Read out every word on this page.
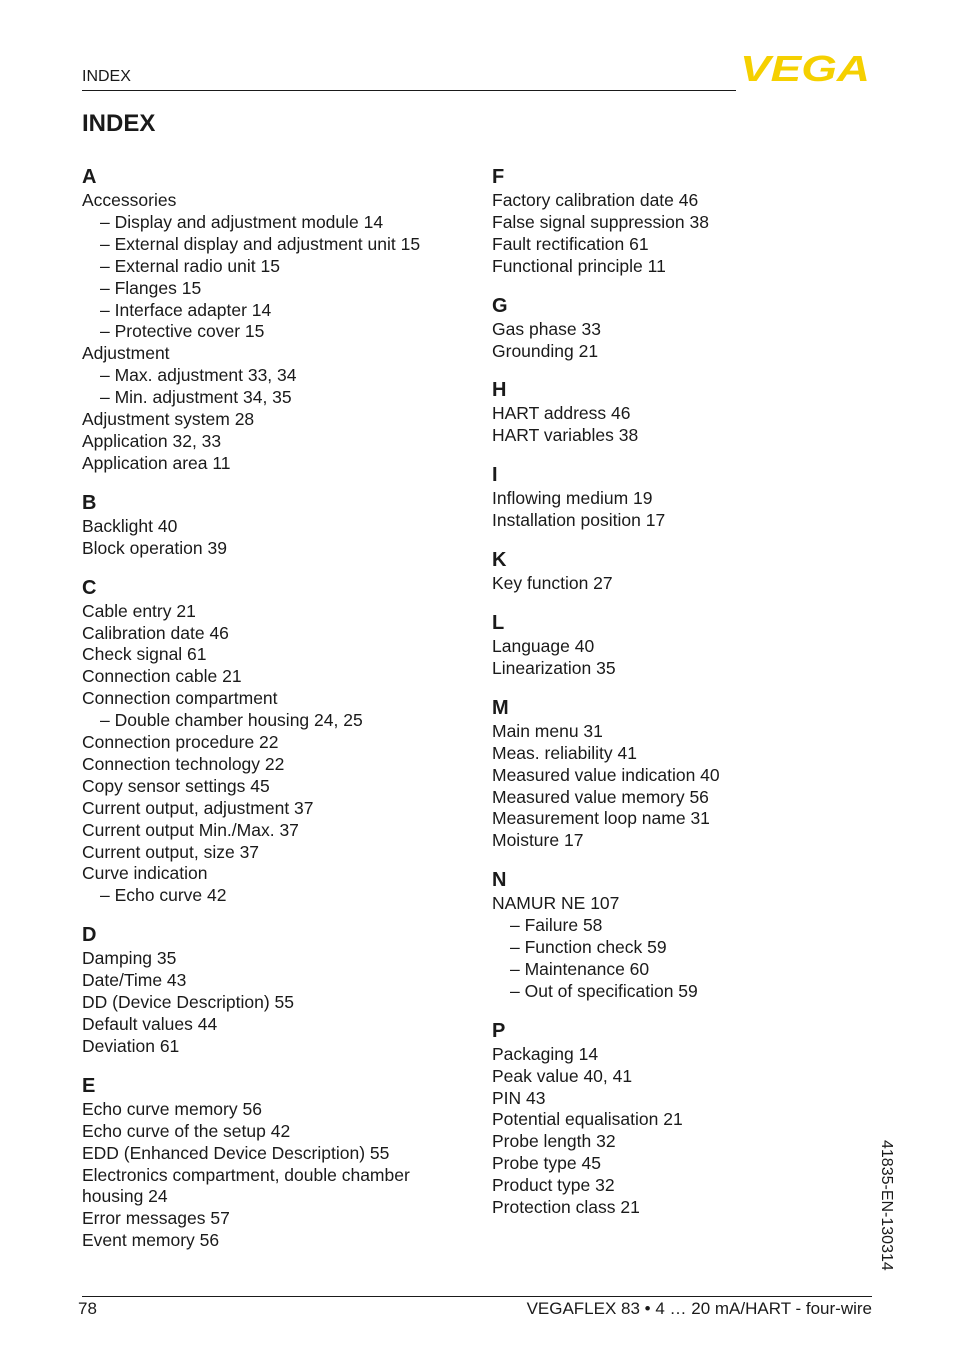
INDEX	VEGA
INDEX
A
Accessories
– Display and adjustment module 14
– External display and adjustment unit 15
– External radio unit 15
– Flanges 15
– Interface adapter 14
– Protective cover 15
Adjustment
– Max. adjustment 33, 34
– Min. adjustment 34, 35
Adjustment system 28
Application 32, 33
Application area 11
B
Backlight 40
Block operation 39
C
Cable entry 21
Calibration date 46
Check signal 61
Connection cable 21
Connection compartment
– Double chamber housing 24, 25
Connection procedure 22
Connection technology 22
Copy sensor settings 45
Current output, adjustment 37
Current output Min./Max. 37
Current output, size 37
Curve indication
– Echo curve 42
D
Damping 35
Date/Time 43
DD (Device Description) 55
Default values 44
Deviation 61
E
Echo curve memory 56
Echo curve of the setup 42
EDD (Enhanced Device Description) 55
Electronics compartment, double chamber
housing 24
Error messages 57
Event memory 56
F
Factory calibration date 46
False signal suppression 38
Fault rectification 61
Functional principle 11
G
Gas phase 33
Grounding 21
H
HART address 46
HART variables 38
I
Inflowing medium 19
Installation position 17
K
Key function 27
L
Language 40
Linearization 35
M
Main menu 31
Meas. reliability 41
Measured value indication 40
Measured value memory 56
Measurement loop name 31
Moisture 17
N
NAMUR NE 107
– Failure 58
– Function check 59
– Maintenance 60
– Out of specification 59
P
Packaging 14
Peak value 40, 41
PIN 43
Potential equalisation 21
Probe length 32
Probe type 45
Product type 32
Protection class 21	41835-EN-130314
78	VEGAFLEX 83 • 4 … 20 mA/HART - four-wire
